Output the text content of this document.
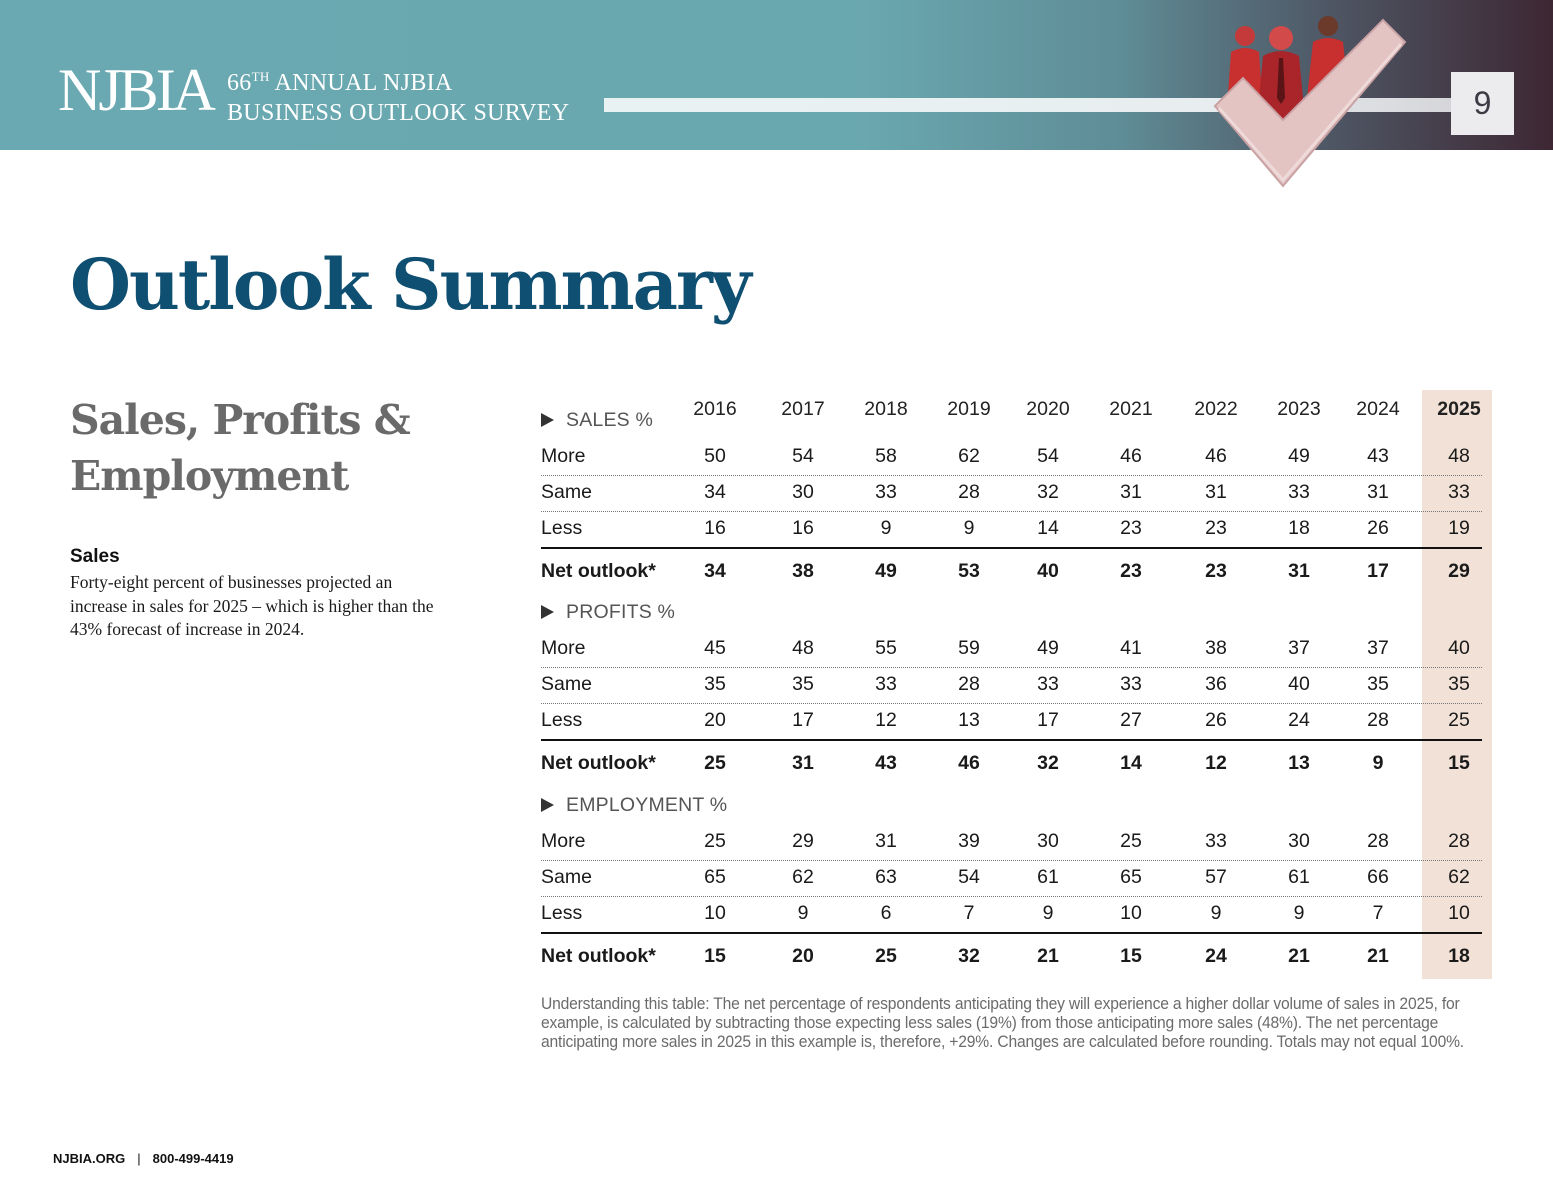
NJBIA 66TH ANNUAL NJBIA
BUSINESS OUTLOOK SURVEY	9
Outlook Summary
Sales, Profits & Employment
Sales
Forty-eight percent of businesses projected an increase in sales for 2025 – which is higher than the 43% forecast of increase in 2024.
2016 2017 2018 2019 2020 2021 2022 2023 2024 2025
SALES %
More	50	54	58	62	54	46	46	49	43	48
Same	34	30	33	28	32	31	31	33	31	33
Less	16	16	9	9	14	23	23	18	26	19
Net outlook* 34	38	49	53	40	23	23	31	17	29
PROFITS %
More	45	48	55	59	49	41	38	37	37	40
Same	35	35	33	28	33	33	36	40	35	35
Less	20	17	12	13	17	27	26	24	28	25
Net outlook* 25	31	43	46	32	14	12	13	9	15
EMPLOYMENT %
More	25	29	31	39	30	25	33	30	28	28
Same	65	62	63	54	61	65	57	61	66	62
Less	10	9	6	7	9	10	9	9	7	10
Net outlook* 15	20	25	32	21	15	24	21	21	18

Understanding this table: The net percentage of respondents anticipating they will experience a higher dollar volume of sales in 2025, for example, is calculated by subtracting those expecting less sales (19%) from those anticipating more sales (48%). The net percentage anticipating more sales in 2025 in this example is, therefore, +29%. Changes are calculated before rounding. Totals may not equal 100%.

NJBIA.ORG | 800-499-4419
